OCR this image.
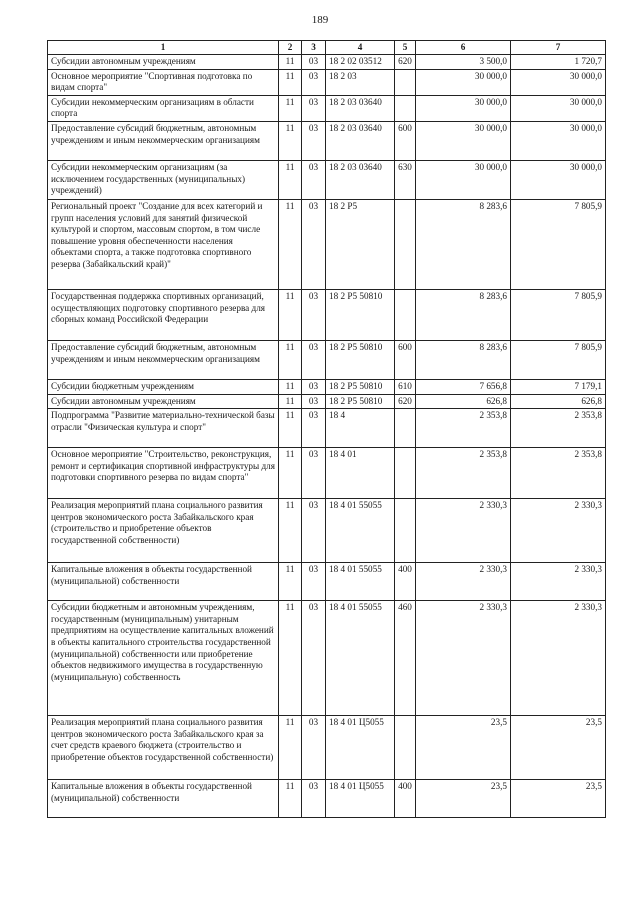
189
1	2	3	4	5	6	7
Субсидии автономным учреждениям	11	03	18 2 02 03512	620	3 500,0	1 720,7
Основное мероприятие "Спортивная подготовка по видам спорта"	11	03	18 2 03		30 000,0	30 000,0
Субсидии некоммерческим организациям в области спорта	11	03	18 2 03 03640		30 000,0	30 000,0
Предоставление субсидий бюджетным, автономным учреждениям и иным некоммерческим организациям	11	03	18 2 03 03640	600	30 000,0	30 000,0
Субсидии некоммерческим организациям (за исключением государственных (муниципальных) учреждений)	11	03	18 2 03 03640	630	30 000,0	30 000,0
Региональный проект "Создание для всех категорий и групп населения условий для занятий физической культурой и спортом, массовым спортом, в том числе повышение уровня обеспеченности населения объектами спорта, а также подготовка спортивного резерва (Забайкальский край)"	11	03	18 2 P5		8 283,6	7 805,9
Государственная поддержка спортивных организаций, осуществляющих подготовку спортивного резерва для сборных команд Российской Федерации	11	03	18 2 P5 50810		8 283,6	7 805,9
Предоставление субсидий бюджетным, автономным учреждениям и иным некоммерческим организациям	11	03	18 2 P5 50810	600	8 283,6	7 805,9
Субсидии бюджетным учреждениям	11	03	18 2 P5 50810	610	7 656,8	7 179,1
Субсидии автономным учреждениям	11	03	18 2 P5 50810	620	626,8	626,8
Подпрограмма "Развитие материально-технической базы отрасли "Физическая культура и спорт"	11	03	18 4		2 353,8	2 353,8
Основное мероприятие "Строительство, реконструкция, ремонт и сертификация спортивной инфраструктуры для подготовки спортивного резерва по видам спорта"	11	03	18 4 01		2 353,8	2 353,8
Реализация мероприятий плана социального развития центров экономического роста Забайкальского края (строительство и приобретение объектов государственной собственности)	11	03	18 4 01 55055		2 330,3	2 330,3
Капитальные вложения в объекты государственной (муниципальной) собственности	11	03	18 4 01 55055	400	2 330,3	2 330,3
Субсидии бюджетным и автономным учреждениям, государственным (муниципальным) унитарным предприятиям на осуществление капитальных вложений в объекты капитального строительства государственной (муниципальной) собственности или приобретение объектов недвижимого имущества в государственную (муниципальную) собственность	11	03	18 4 01 55055	460	2 330,3	2 330,3
Реализация мероприятий плана социального развития центров экономического роста Забайкальского края за счет средств краевого бюджета (строительство и приобретение объектов государственной собственности)	11	03	18 4 01 Ц5055		23,5	23,5
Капитальные вложения в объекты государственной (муниципальной) собственности	11	03	18 4 01 Ц5055	400	23,5	23,5
